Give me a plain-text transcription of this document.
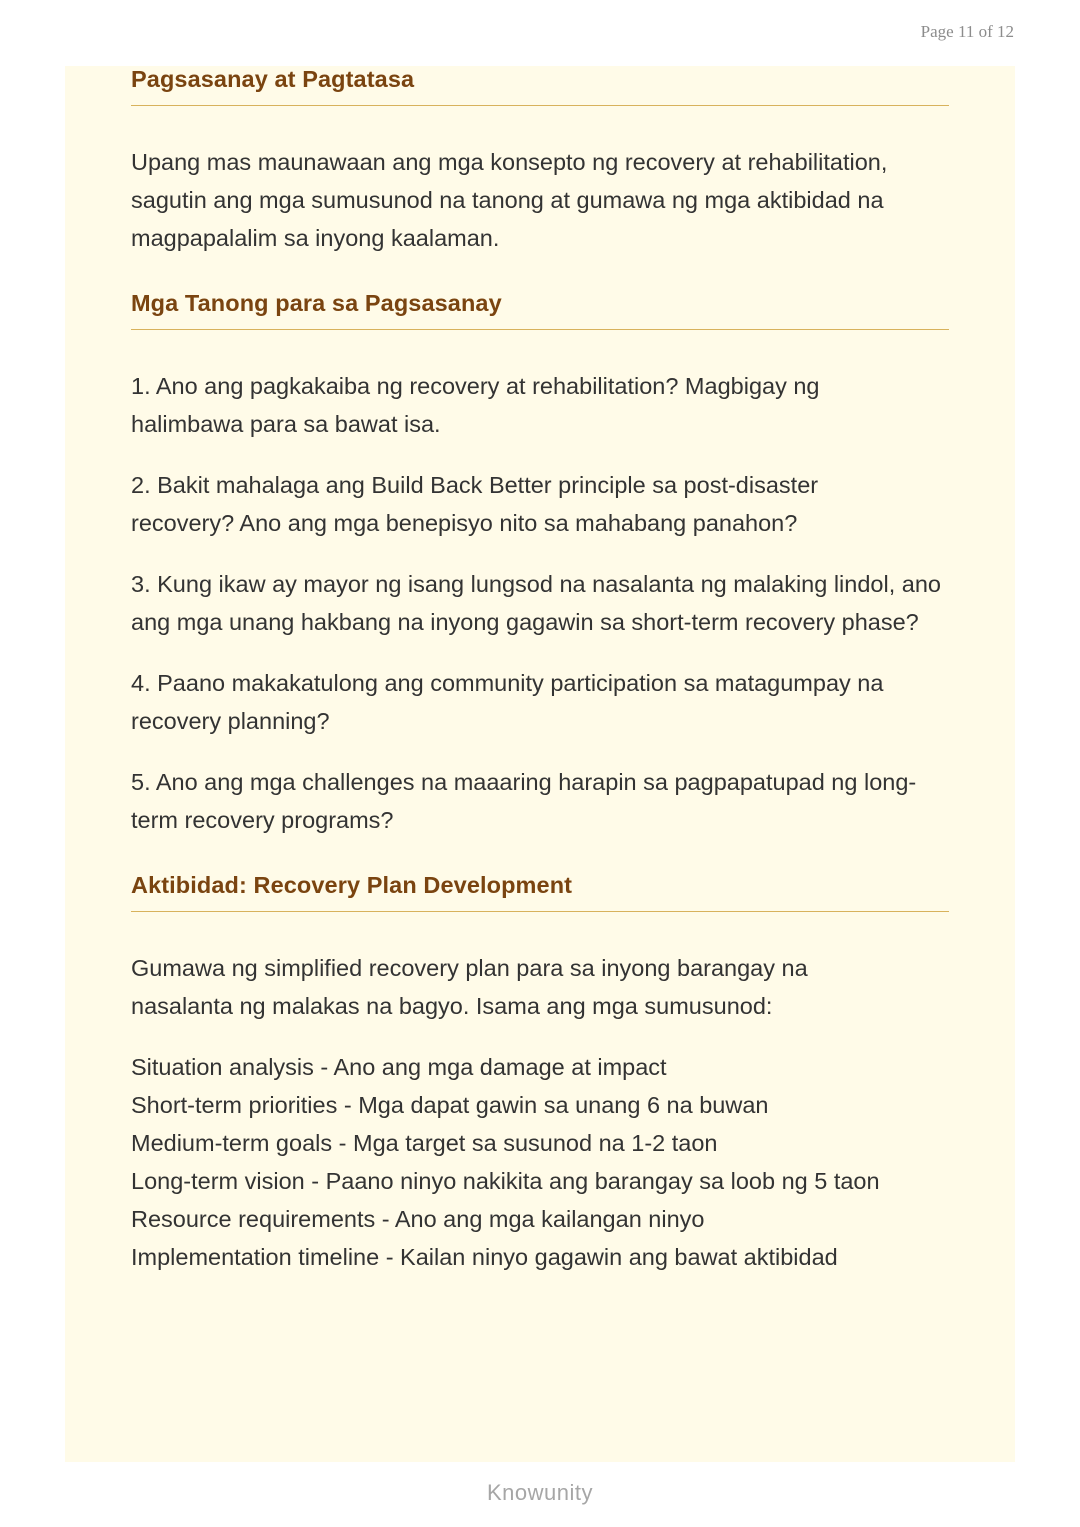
Page 11 of 12
Pagsasanay at Pagtatasa

Upang mas maunawaan ang mga konsepto ng recovery at rehabilitation, sagutin ang mga sumusunod na tanong at gumawa ng mga aktibidad na magpapalalim sa inyong kaalaman.

Mga Tanong para sa Pagsasanay

1. Ano ang pagkakaiba ng recovery at rehabilitation? Magbigay ng halimbawa para sa bawat isa.

2. Bakit mahalaga ang Build Back Better principle sa post-disaster recovery? Ano ang mga benepisyo nito sa mahabang panahon?

3. Kung ikaw ay mayor ng isang lungsod na nasalanta ng malaking lindol, ano ang mga unang hakbang na inyong gagawin sa short-term recovery phase?

4. Paano makakatulong ang community participation sa matagumpay na recovery planning?

5. Ano ang mga challenges na maaaring harapin sa pagpapatupad ng long-term recovery programs?

Aktibidad: Recovery Plan Development

Gumawa ng simplified recovery plan para sa inyong barangay na nasalanta ng malakas na bagyo. Isama ang mga sumusunod:

Situation analysis - Ano ang mga damage at impact

Short-term priorities - Mga dapat gawin sa unang 6 na buwan

Medium-term goals - Mga target sa susunod na 1-2 taon

Long-term vision - Paano ninyo nakikita ang barangay sa loob ng 5 taon

Resource requirements - Ano ang mga kailangan ninyo

Implementation timeline - Kailan ninyo gagawin ang bawat aktibidad

Knowunity
